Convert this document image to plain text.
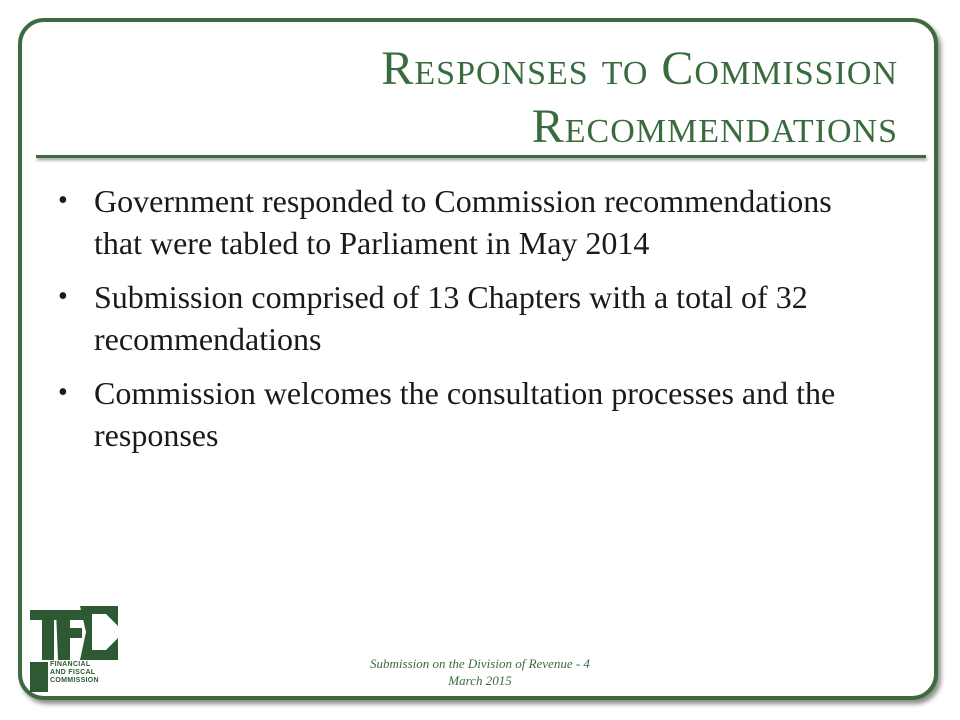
Responses to Commission
Recommendations
• Government responded to Commission recommendations that were tabled to Parliament in May 2014
• Submission comprised of 13 Chapters with a total of 32 recommendations
• Commission welcomes the consultation processes and the responses
FINANCIAL
AND FISCAL
COMMISSION
Submission on the Division of Revenue - 4
March 2015
